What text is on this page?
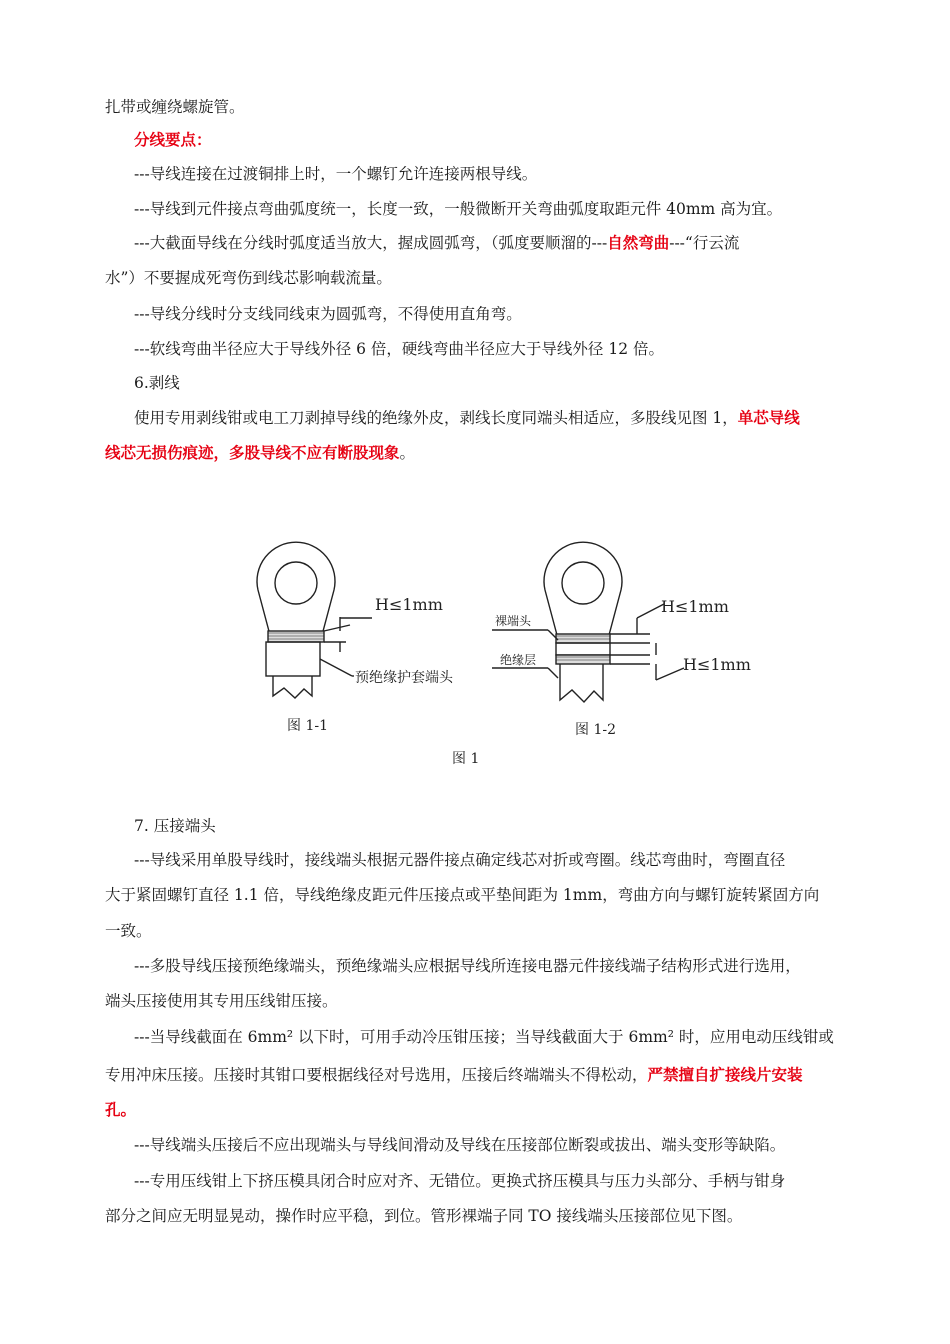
扎带或缠绕螺旋管。
分线要点：
---导线连接在过渡铜排上时，一个螺钉允许连接两根导线。
---导线到元件接点弯曲弧度统一，长度一致，一般微断开关弯曲弧度取距元件 40mm 高为宜。
---大截面导线在分线时弧度适当放大，握成圆弧弯，（弧度要顺溜的---自然弯曲---“行云流
水”）不要握成死弯伤到线芯影响载流量。
---导线分线时分支线同线束为圆弧弯，不得使用直角弯。
---软线弯曲半径应大于导线外径 6 倍，硬线弯曲半径应大于导线外径 12 倍。
6.剥线
使用专用剥线钳或电工刀剥掉导线的绝缘外皮，剥线长度同端头相适应，多股线见图 1，单芯导线
线芯无损伤痕迹，多股导线不应有断股现象。
H≤1mm
预绝缘护套端头
图 1-1
H≤1mm
H≤1mm
裸端头
绝缘层
图 1-2
图 1
7. 压接端头
---导线采用单股导线时，接线端头根据元器件接点确定线芯对折或弯圈。线芯弯曲时，弯圈直径
大于紧固螺钉直径 1.1 倍，导线绝缘皮距元件压接点或平垫间距为 1mm，弯曲方向与螺钉旋转紧固方向
一致。
---多股导线压接预绝缘端头，预绝缘端头应根据导线所连接电器元件接线端子结构形式进行选用，
端头压接使用其专用压线钳压接。
---当导线截面在 6mm² 以下时，可用手动冷压钳压接；当导线截面大于 6mm² 时，应用电动压线钳或
专用冲床压接。压接时其钳口要根据线径对号选用，压接后终端端头不得松动，严禁擅自扩接线片安装
孔。
---导线端头压接后不应出现端头与导线间滑动及导线在压接部位断裂或拔出、端头变形等缺陷。
---专用压线钳上下挤压模具闭合时应对齐、无错位。更换式挤压模具与压力头部分、手柄与钳身
部分之间应无明显晃动，操作时应平稳，到位。管形裸端子同 TO 接线端头压接部位见下图。
